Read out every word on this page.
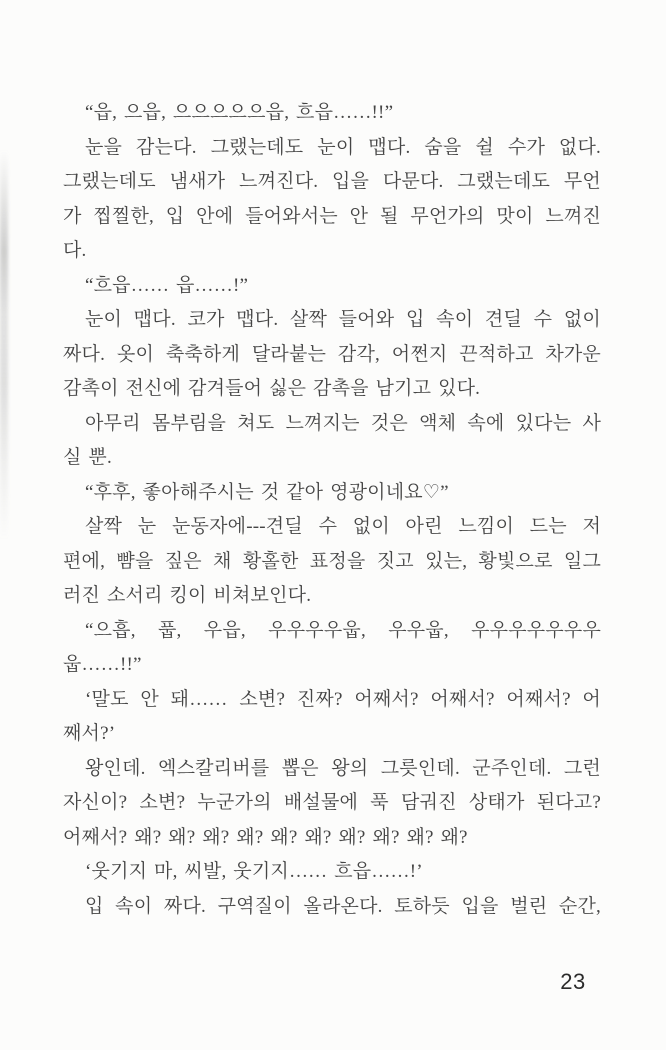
“읍, 으읍, 으으으으으읍, 흐읍……!!”
눈을 감는다. 그랬는데도 눈이 맵다. 숨을 쉴 수가 없다.
그랬는데도 냄새가 느껴진다. 입을 다문다. 그랬는데도 무언
가 찝찔한, 입 안에 들어와서는 안 될 무언가의 맛이 느껴진
다.
“흐읍…… 읍……!”
눈이 맵다. 코가 맵다. 살짝 들어와 입 속이 견딜 수 없이
짜다. 옷이 축축하게 달라붙는 감각, 어쩐지 끈적하고 차가운
감촉이 전신에 감겨들어 싫은 감촉을 남기고 있다.
아무리 몸부림을 쳐도 느껴지는 것은 액체 속에 있다는 사
실 뿐.
“후후, 좋아해주시는 것 같아 영광이네요♡”
살짝 눈 눈동자에---견딜 수 없이 아린 느낌이 드는 저
편에, 뺨을 짚은 채 황홀한 표정을 짓고 있는, 황빛으로 일그
러진 소서리 킹이 비쳐보인다.
“으흡, 풉, 우읍, 우우우우웁, 우우웁, 우우우우우우우
웁……!!”
‘말도 안 돼…… 소변? 진짜? 어째서? 어째서? 어째서? 어
째서?’
왕인데. 엑스칼리버를 뽑은 왕의 그릇인데. 군주인데. 그런
자신이? 소변? 누군가의 배설물에 푹 담궈진 상태가 된다고?
어째서? 왜? 왜? 왜? 왜? 왜? 왜? 왜? 왜? 왜? 왜?
‘웃기지 마, 씨발, 웃기지…… 흐읍……!’
입 속이 짜다. 구역질이 올라온다. 토하듯 입을 벌린 순간,
23
